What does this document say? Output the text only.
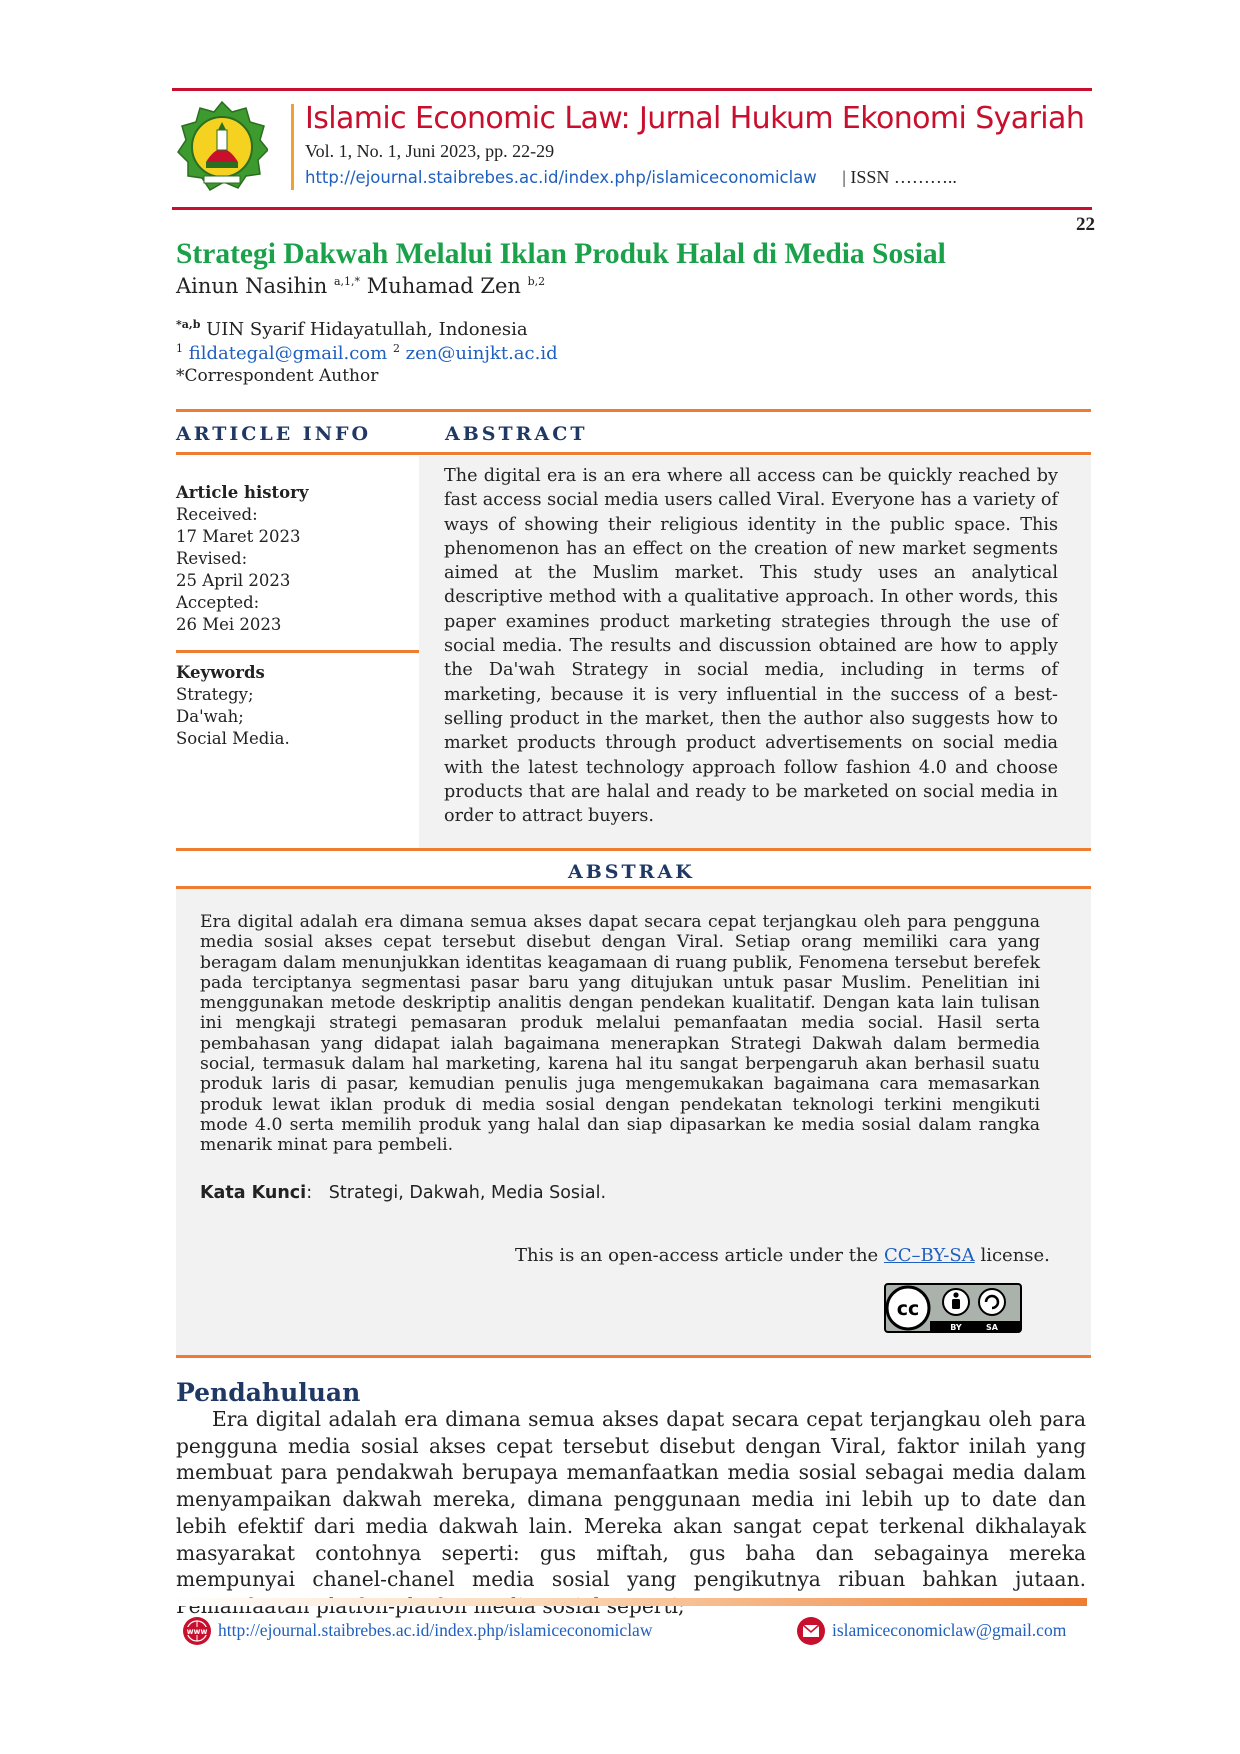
Islamic Economic Law: Jurnal Hukum Ekonomi Syariah
Vol. 1, No. 1, Juni 2023, pp. 22-29
http://ejournal.staibrebes.ac.id/index.php/islamiceconomiclaw | ISSN ………..
22
Strategi Dakwah Melalui Iklan Produk Halal di Media Sosial
Ainun Nasihin $^{a,1,*}$ Muhamad Zen $^{b,2}$
$^{*a,b}$ UIN Syarif Hidayatullah, Indonesia
$^1$ fildategal@gmail.com $^2$ zen@uinjkt.ac.id
*Correspondent Author
ARTICLE INFO	ABSTRACT
Article history
Received:
17 Maret 2023
Revised:
25 April 2023
Accepted:
26 Mei 2023
Keywords
Strategy;
Da'wah;
Social Media.
The digital era is an era where all access can be quickly reached by fast access social media users called Viral. Everyone has a variety of ways of showing their religious identity in the public space. This phenomenon has an effect on the creation of new market segments aimed at the Muslim market. This study uses an analytical descriptive method with a qualitative approach. In other words, this paper examines product marketing strategies through the use of social media. The results and discussion obtained are how to apply the Da'wah Strategy in social media, including in terms of marketing, because it is very influential in the success of a best-selling product in the market, then the author also suggests how to market products through product advertisements on social media with the latest technology approach follow fashion 4.0 and choose products that are halal and ready to be marketed on social media in order to attract buyers.
ABSTRAK
Era digital adalah era dimana semua akses dapat secara cepat terjangkau oleh para pengguna media sosial akses cepat tersebut disebut dengan Viral. Setiap orang memiliki cara yang beragam dalam menunjukkan identitas keagamaan di ruang publik, Fenomena tersebut berefek pada terciptanya segmentasi pasar baru yang ditujukan untuk pasar Muslim. Penelitian ini menggunakan metode deskriptip analitis dengan pendekan kualitatif. Dengan kata lain tulisan ini mengkaji strategi pemasaran produk melalui pemanfaatan media social. Hasil serta pembahasan yang didapat ialah bagaimana menerapkan Strategi Dakwah dalam bermedia social, termasuk dalam hal marketing, karena hal itu sangat berpengaruh akan berhasil suatu produk laris di pasar, kemudian penulis juga mengemukakan bagaimana cara memasarkan produk lewat iklan produk di media sosial dengan pendekatan teknologi terkini mengikuti mode 4.0 serta memilih produk yang halal dan siap dipasarkan ke media sosial dalam rangka menarik minat para pembeli.
Kata Kunci:   Strategi, Dakwah, Media Sosial.
This is an open-access article under the CC–BY-SA license.
cc
BY	SA
Pendahuluan
Era digital adalah era dimana semua akses dapat secara cepat terjangkau oleh para pengguna media sosial akses cepat tersebut disebut dengan Viral, faktor inilah yang membuat para pendakwah berupaya memanfaatkan media sosial sebagai media dalam menyampaikan dakwah mereka, dimana penggunaan media ini lebih up to date dan lebih efektif dari media dakwah lain. Mereka akan sangat cepat terkenal dikhalayak masyarakat contohnya seperti: gus miftah, gus baha dan sebagainya mereka mempunyai chanel-chanel media sosial yang pengikutnya ribuan bahkan jutaan.
www http://ejournal.staibrebes.ac.id/index.php/islamiceconomiclaw	islamiceconomiclaw@gmail.com
